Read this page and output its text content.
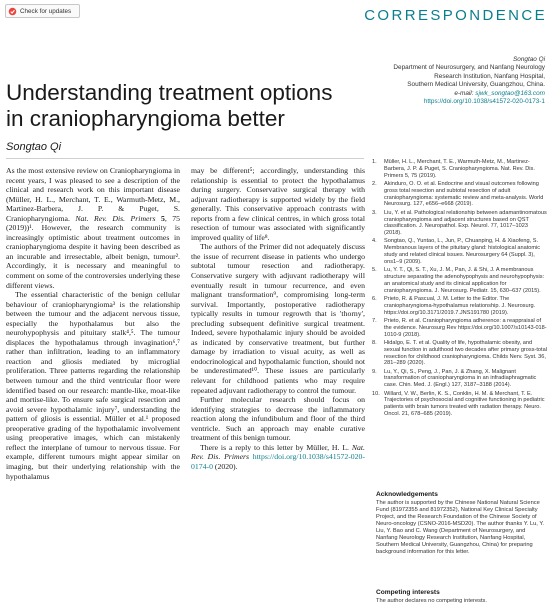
Check for updates	CORRESPONDENCE
Understanding treatment options
in craniopharyngioma better
Songtao Qi
Songtao Qi
Department of Neurosurgery, and Nanfang Neurology
Research Institution, Nanfang Hospital,
Southern Medical University, Guangzhou, China.
e-mail: sjwk_songtao@163.com
https://doi.org/10.1038/s41572-020-0173-1

As the most extensive review on Craniopharyngioma in recent years, I was pleased to see a description of the clinical and research work on this important disease (Müller, H. L., Merchant, T. E., Warmuth-Metz, M., Martinez-Barbera, J. P. & Puget, S. Craniopharyngioma. Nat. Rev. Dis. Primers 5, 75 (2019))¹. However, the research community is increasingly optimistic about treatment outcomes in craniopharyngioma despite it having been described as an incurable and irresectable, albeit benign, tumour². Accordingly, it is necessary and meaningful to comment on some of the controversies underlying these different views.

The essential characteristic of the benign cellular behaviour of craniopharyngioma³ is the relationship between the tumour and the adjacent nervous tissue, especially the hypothalamus but also the neurohypophysis and pituitary stalk⁴,⁵. The tumour displaces the hypothalamus through invagination⁶,⁷ rather than infiltration, leading to an inflammatory reaction and gliosis mediated by microglial proliferation. Three patterns regarding the relationship between tumour and the third ventricular floor were identified based on our research: mantle-like, moat-like and mortise-like. To ensure safe surgical resection and avoid severe hypothalamic injury⁷, understanding the pattern of gliosis is essential. Müller et al.¹ proposed preoperative grading of the hypothalamic involvement using preoperative images, which can mistakenly reflect the interplane of tumour to nervous tissue. For example, different tumours might appear similar on imaging, but their underlying relationship with the hypothalamus

may be different⁵; accordingly, understanding this relationship is essential to protect the hypothalamus during surgery. Conservative surgical therapy with adjuvant radiotherapy is supported widely by the field generally. This conservative approach contrasts with reports from a few clinical centres, in which gross total resection of tumour was associated with significantly improved quality of life⁸.

The authors of the Primer did not adequately discuss the issue of recurrent disease in patients who undergo subtotal tumour resection and radiotherapy. Conservative surgery with adjuvant radiotherapy will eventually result in tumour recurrence, and even malignant transformation⁹, compromising long-term survival. Importantly, postoperative radiotherapy typically results in tumour regrowth that is 'thorny', precluding subsequent definitive surgical treatment. Indeed, severe hypothalamic injury should be avoided as indicated by conservative treatment, but further damage by irradiation to visual acuity, as well as endocrinological and hypothalamic function, should not be underestimated¹⁰. These issues are particularly relevant for childhood patients who may require repeated adjuvant radiotherapy to control the tumour.

Further molecular research should focus on identifying strategies to decrease the inflammatory reaction along the infundibulum and floor of the third ventricle. Such an approach may enable curative treatment of this benign tumour.

There is a reply to this letter by Müller, H. L. Nat. Rev. Dis. Primers https://doi.org/10.1038/s41572-020-0174-0 (2020).

1. Müller, H. L., Merchant, T. E., Warmuth-Metz, M., Martinez-Barbera, J. P. & Puget, S. Craniopharyngioma. Nat. Rev. Dis. Primers 5, 75 (2019).
2. Akinduro, O. O. et al. Endocrine and visual outcomes following gross total resection and subtotal resection of adult craniopharyngioma: systematic review and meta-analysis. World Neurosurg. 127, e656–e668 (2019).
3. Liu, Y. et al. Pathological relationship between adamantinomatous craniopharyngioma and adjacent structures based on QST classification. J. Neuropathol. Exp. Neurol. 77, 1017–1023 (2018).
4. Songtao, Q., Yuntao, L., Jun, P., Chuanping, H. & Xiaofeng, S. Membranous layers of the pituitary gland: histological anatomic study and related clinical issues. Neurosurgery 64 (Suppl. 3), ons1–9 (2009).
5. Lu, Y. T., Qi, S. T., Xu, J. M., Pan, J. & Shi, J. A membranous structure separating the adenohypophysis and neurohypophysis: an anatomical study and its clinical application for craniopharyngioma. J. Neurosurg. Pediatr. 15, 630–637 (2015).
6. Prieto, R. & Pascual, J. M. Letter to the Editor. The craniopharyngioma-hypothalamus relationship. J. Neurosurg. https://doi.org/10.3171/2019.7.JNS191780 (2019).
7. Prieto, R. et al. Craniopharyngioma adherence: a reappraisal of the evidence. Neurosurg Rev https://doi.org/10.1007/s10143-018-1010-9 (2018).
8. Hidalgo, E. T. et al. Quality of life, hypothalamic obesity, and sexual function in adulthood two decades after primary gross-total resection for childhood craniopharyngioma. Childs Nerv. Syst. 36, 281–289 (2020).
9. Lu, Y., Qi, S., Peng, J., Pan, J. & Zhang, X. Malignant transformation of craniopharyngioma in an infradiaphragmatic case. Chin. Med. J. (Engl.) 127, 3187–3188 (2014).
10. Willard, V. W., Berlin, K. S., Conklin, H. M. & Merchant, T. E. Trajectories of psychosocial and cognitive functioning in pediatric patients with brain tumors treated with radiation therapy. Neuro. Oncol. 21, 678–685 (2019).
Acknowledgements
The author is supported by the Chinese National Natural Science Fund (81972355 and 81972352), National Key Clinical Specialty Project, and the Research Foundation of the Chinese Society of Neuro-oncology (CSNO-2016-MSD20). The author thanks Y. Lu, Y. Liu, Y. Bao and C. Wang (Department of Neurosurgery, and Nanfang Neurology Research Institution, Nanfang Hospital, Southern Medical University, Guangzhou, China) for preparing background information for this letter.
Competing interests
The author declares no competing interests.
